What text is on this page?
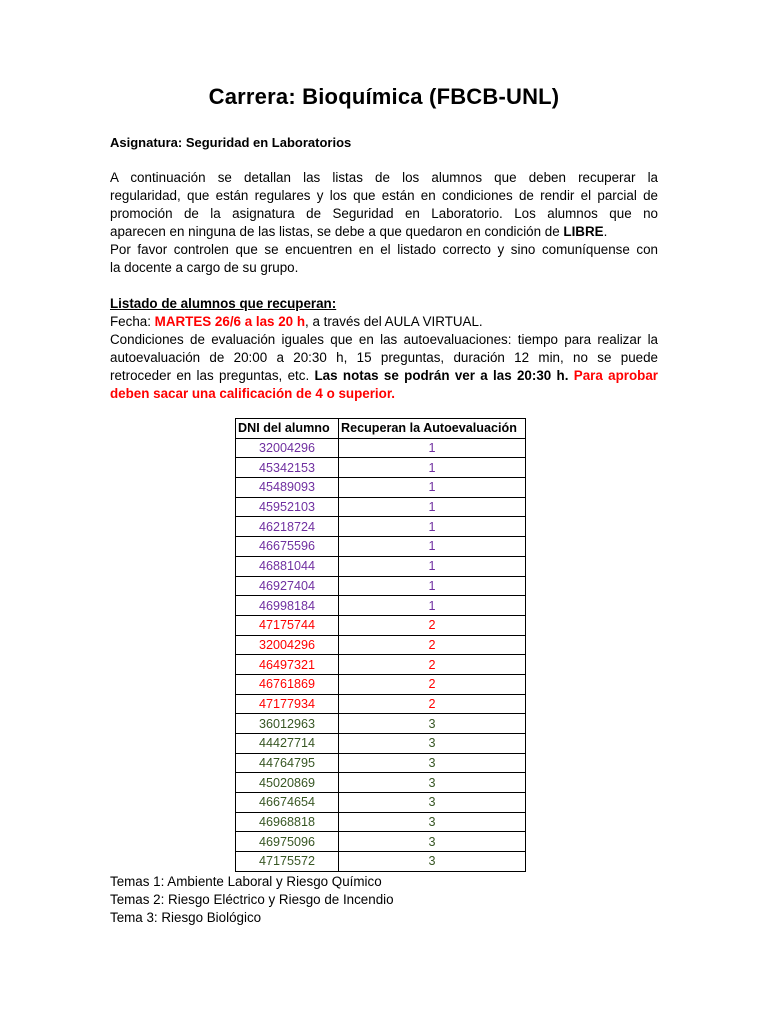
Carrera: Bioquímica (FBCB-UNL)

Asignatura: Seguridad en Laboratorios

A continuación se detallan las listas de los alumnos que deben recuperar la
regularidad, que están regulares y los que están en condiciones de rendir el parcial de
promoción de la asignatura de Seguridad en Laboratorio. Los alumnos que no
aparecen en ninguna de las listas, se debe a que quedaron en condición de LIBRE.
Por favor controlen que se encuentren en el listado correcto y sino comuníquense con
la docente a cargo de su grupo.
Listado de alumnos que recuperan:
Fecha: MARTES 26/6 a las 20 h, a través del AULA VIRTUAL.
Condiciones de evaluación iguales que en las autoevaluaciones: tiempo para realizar la
autoevaluación de 20:00 a 20:30 h, 15 preguntas, duración 12 min, no se puede
retroceder en las preguntas, etc. Las notas se podrán ver a las 20:30 h. Para aprobar
deben sacar una calificación de 4 o superior.
DNI del alumno	Recuperan la Autoevaluación
32004296	1
45342153	1
45489093	1
45952103	1
46218724	1
46675596	1
46881044	1
46927404	1
46998184	1
47175744	2
32004296	2
46497321	2
46761869	2
47177934	2
36012963	3
44427714	3
44764795	3
45020869	3
46674654	3
46968818	3
46975096	3
47175572	3
Temas 1: Ambiente Laboral y Riesgo Químico
Temas 2: Riesgo Eléctrico y Riesgo de Incendio
Tema 3: Riesgo Biológico
